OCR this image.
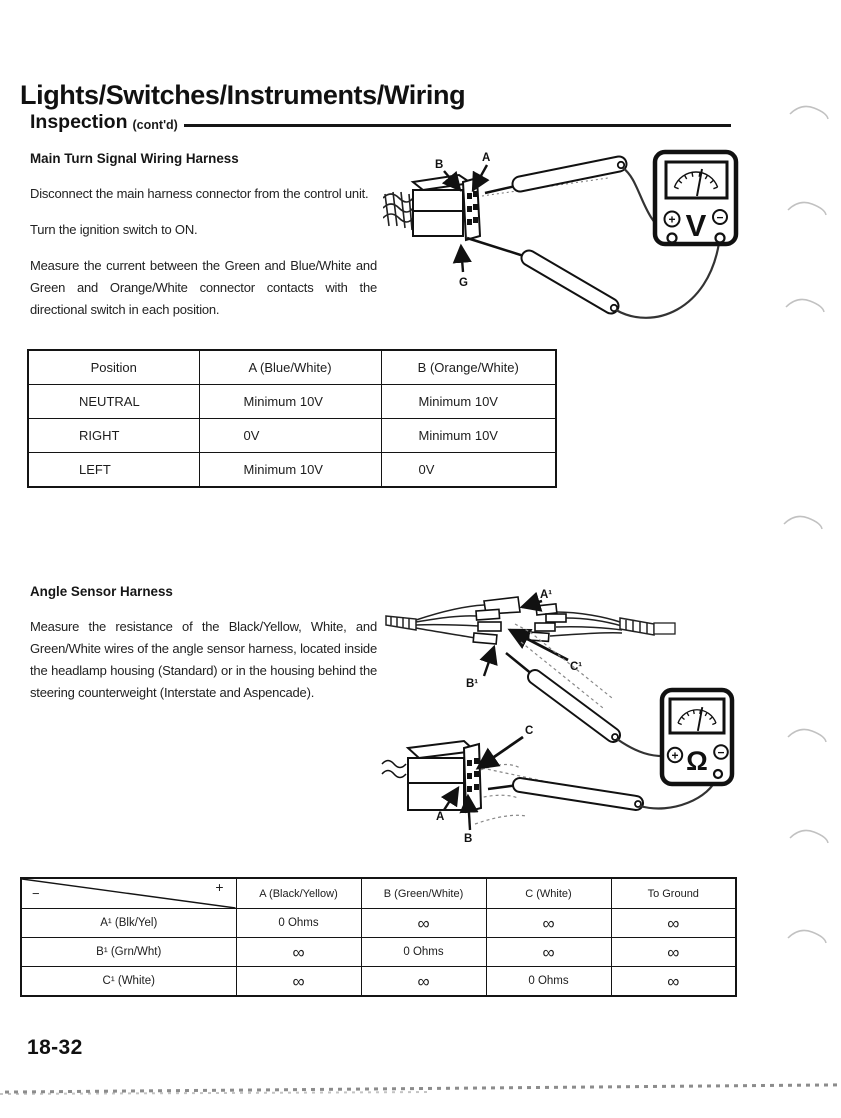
Lights/Switches/Instruments/Wiring
Inspection (cont'd)
Main Turn Signal Wiring Harness

Disconnect the main harness connector from the control unit.

Turn the ignition switch to ON.

Measure the current between the Green and Blue/White and Green and Orange/White connector contacts with the directional switch in each position.

B
A
G
+	−
V
Position	A (Blue/White)	B (Orange/White)
NEUTRAL	Minimum 10V	Minimum 10V
RIGHT	0V	Minimum 10V
LEFT	Minimum 10V	0V
Angle Sensor Harness

Measure the resistance of the Black/Yellow, White, and Green/White wires of the angle sensor harness, located inside the headlamp housing (Standard) or in the housing behind the steering counterweight (Interstate and Aspencade).

A¹
C¹
B¹
C
A
B
+	−
Ω
− +	A (Black/Yellow)	B (Green/White)	C (White)	To Ground
A¹ (Blk/Yel)	0 Ohms	∞	∞	∞
B¹ (Grn/Wht)	∞	0 Ohms	∞	∞
C¹ (White)	∞	∞	0 Ohms	∞
18-32
